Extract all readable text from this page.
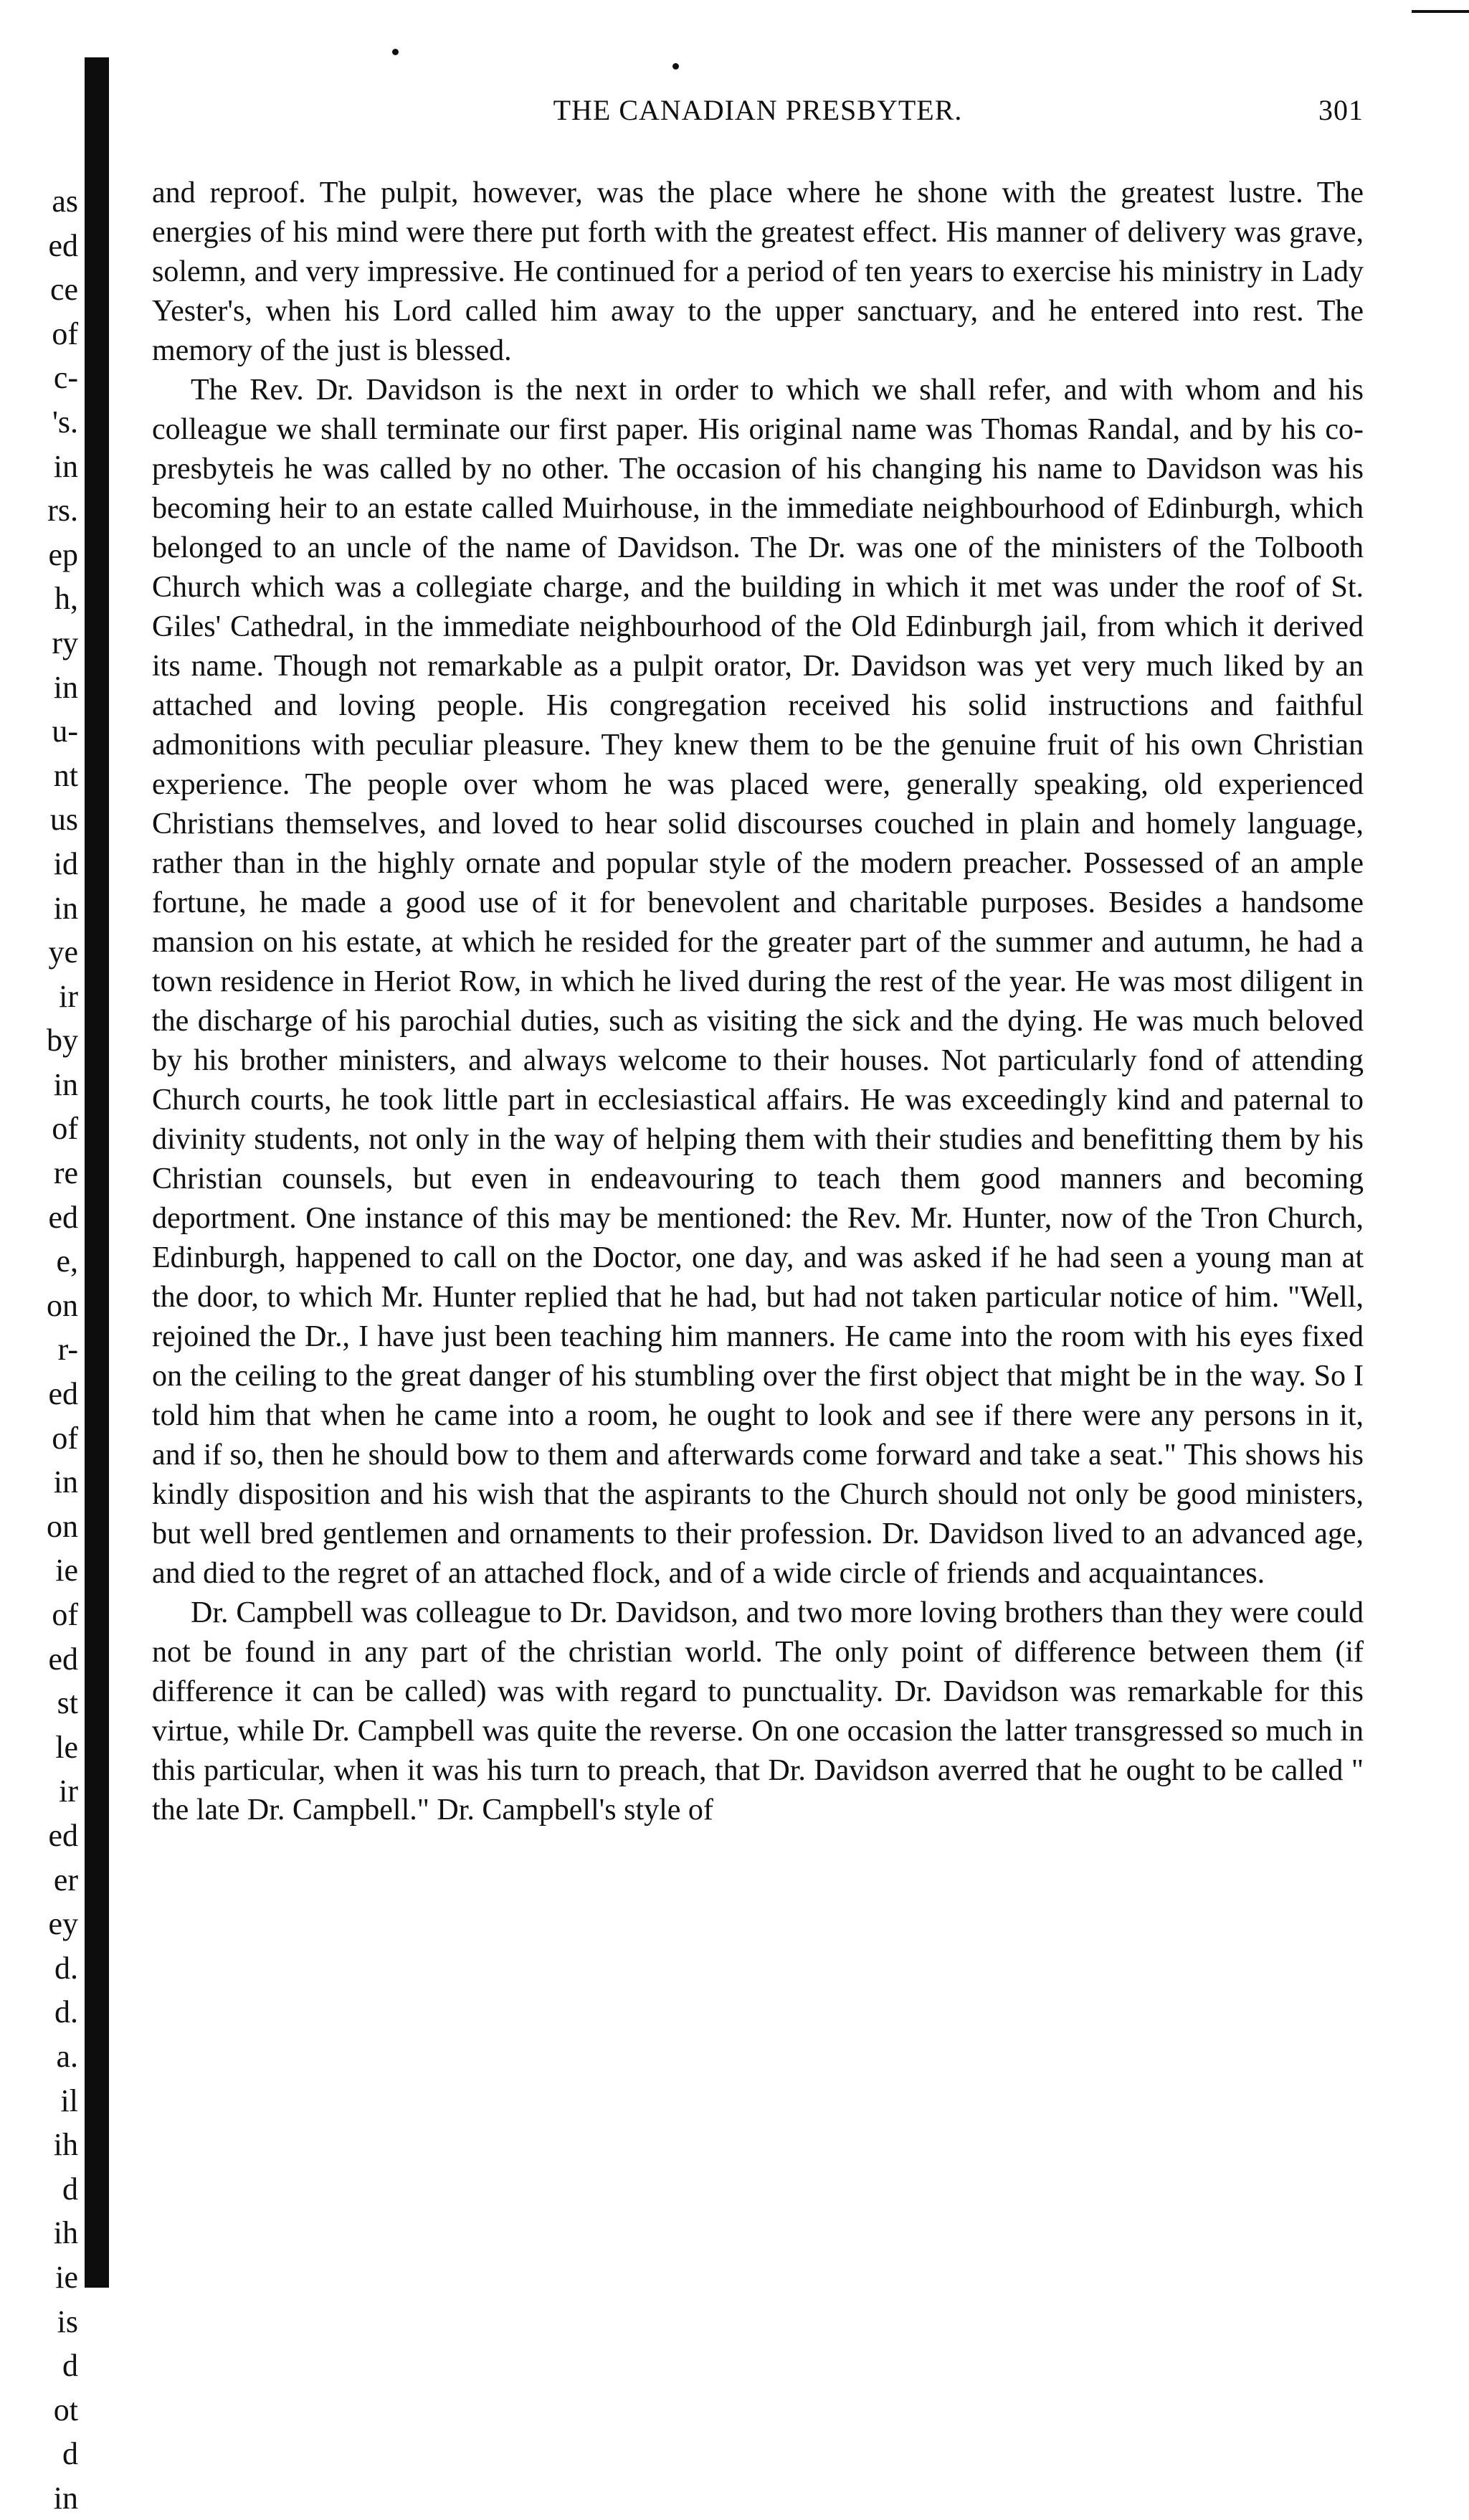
as
ed
ce
of
c-
's.
in
rs.
ep
h,
ry
in
u-
nt
us
id
in
ye
ir
by
in
of
re
ed
e,
on
r-
ed
of
in
on
ie
of
ed
st
le
ir
ed
er
ey
d.
d.
a.
il
ih
d
ih
ie
is
d
ot
d
in
THE CANADIAN PRESBYTER.	301

and reproof. The pulpit, however, was the place where he shone with the greatest lustre. The energies of his mind were there put forth with the greatest effect. His manner of delivery was grave, solemn, and very impressive. He continued for a period of ten years to exercise his ministry in Lady Yester's, when his Lord called him away to the upper sanctuary, and he entered into rest. The memory of the just is blessed.

The Rev. Dr. Davidson is the next in order to which we shall refer, and with whom and his colleague we shall terminate our first paper. His original name was Thomas Randal, and by his co-presbyteis he was called by no other. The occasion of his changing his name to Davidson was his becoming heir to an estate called Muirhouse, in the immediate neighbourhood of Edinburgh, which belonged to an uncle of the name of Davidson. The Dr. was one of the ministers of the Tolbooth Church which was a collegiate charge, and the building in which it met was under the roof of St. Giles' Cathedral, in the immediate neighbourhood of the Old Edinburgh jail, from which it derived its name. Though not remarkable as a pulpit orator, Dr. Davidson was yet very much liked by an attached and loving people. His congregation received his solid instructions and faithful admonitions with peculiar pleasure. They knew them to be the genuine fruit of his own Christian experience. The people over whom he was placed were, generally speaking, old experienced Christians themselves, and loved to hear solid discourses couched in plain and homely language, rather than in the highly ornate and popular style of the modern preacher. Possessed of an ample fortune, he made a good use of it for benevolent and charitable purposes. Besides a handsome mansion on his estate, at which he resided for the greater part of the summer and autumn, he had a town residence in Heriot Row, in which he lived during the rest of the year. He was most diligent in the discharge of his parochial duties, such as visiting the sick and the dying. He was much beloved by his brother ministers, and always welcome to their houses. Not particularly fond of attending Church courts, he took little part in ecclesiastical affairs. He was exceedingly kind and paternal to divinity students, not only in the way of helping them with their studies and benefitting them by his Christian counsels, but even in endeavouring to teach them good manners and becoming deportment. One instance of this may be mentioned: the Rev. Mr. Hunter, now of the Tron Church, Edinburgh, happened to call on the Doctor, one day, and was asked if he had seen a young man at the door, to which Mr. Hunter replied that he had, but had not taken particular notice of him. "Well, rejoined the Dr., I have just been teaching him manners. He came into the room with his eyes fixed on the ceiling to the great danger of his stumbling over the first object that might be in the way. So I told him that when he came into a room, he ought to look and see if there were any persons in it, and if so, then he should bow to them and afterwards come forward and take a seat." This shows his kindly disposition and his wish that the aspirants to the Church should not only be good ministers, but well bred gentlemen and ornaments to their profession. Dr. Davidson lived to an advanced age, and died to the regret of an attached flock, and of a wide circle of friends and acquaintances.

Dr. Campbell was colleague to Dr. Davidson, and two more loving brothers than they were could not be found in any part of the christian world. The only point of difference between them (if difference it can be called) was with regard to punctuality. Dr. Davidson was remarkable for this virtue, while Dr. Campbell was quite the reverse. On one occasion the latter transgressed so much in this particular, when it was his turn to preach, that Dr. Davidson averred that he ought to be called " the late Dr. Campbell." Dr. Campbell's style of
